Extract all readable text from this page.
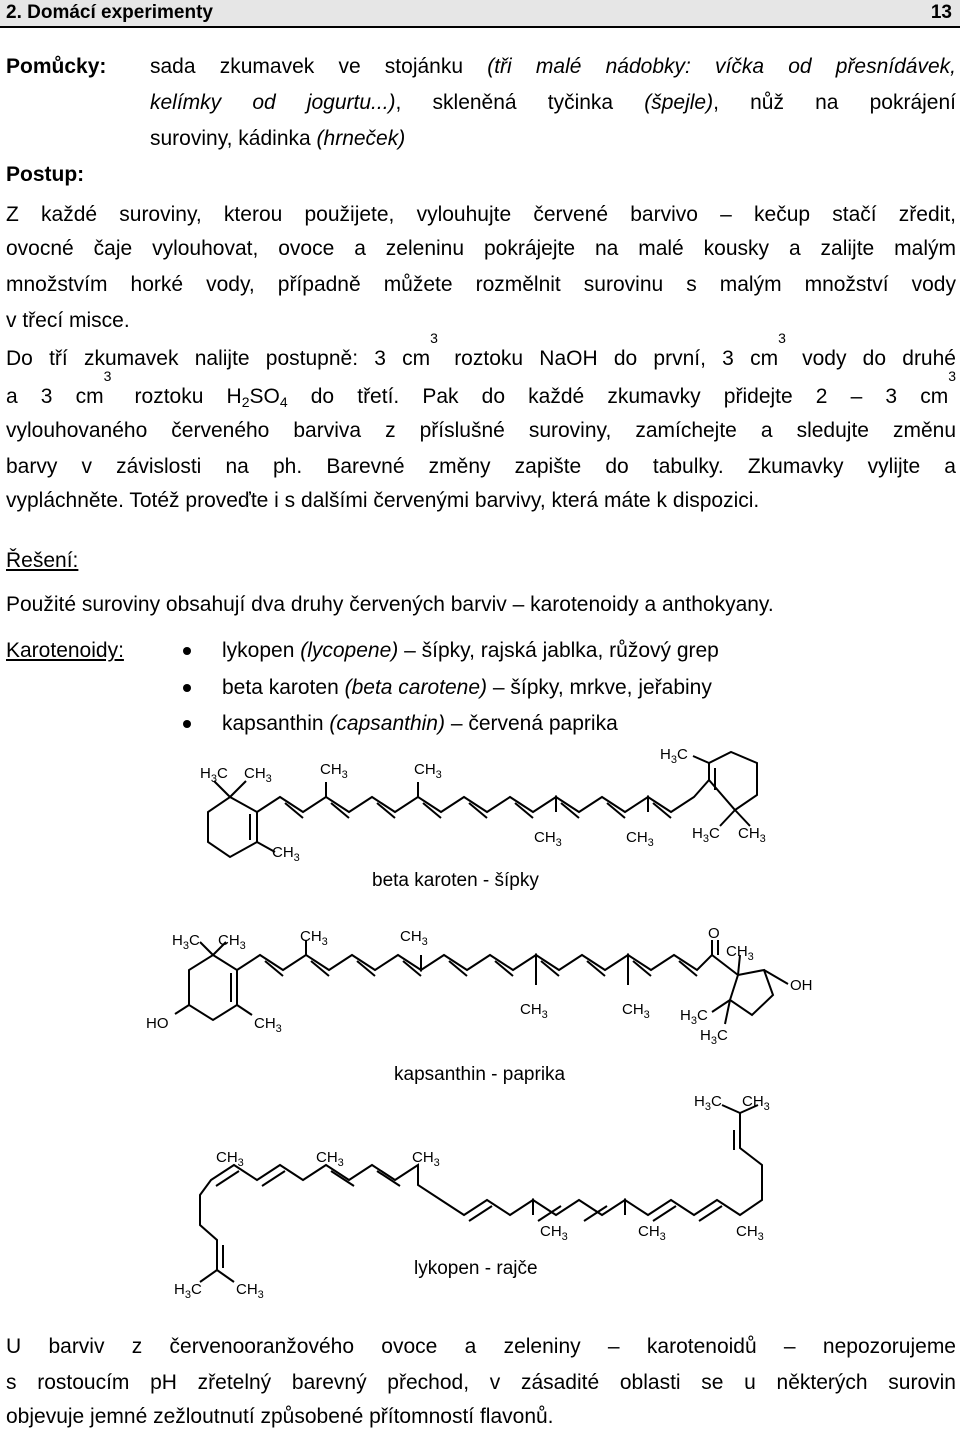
2. Domácí experimenty	13
Pomůcky: sada zkumavek ve stojánku (tři malé nádobky: víčka od přesnídávek,
kelímky od jogurtu...), skleněná tyčinka (špejle), nůž na pokrájení
suroviny, kádinka (hrneček)
Postup:
Z každé suroviny, kterou použijete, vylouhujte červené barvivo – kečup stačí zředit,
ovocné čaje vylouhovat, ovoce a zeleninu pokrájejte na malé kousky a zalijte malým
množstvím horké vody, případně můžete rozmělnit surovinu s malým množství vody
v třecí misce.
Do tří zkumavek nalijte postupně: 3 $cm^3$ roztoku NaOH do první, 3 $cm^3$ vody do druhé
a 3 $cm^3$ roztoku $H_2SO_4$ do třetí. Pak do každé zkumavky přidejte 2 – 3 $cm^3$
vylouhovaného červeného barviva z příslušné suroviny, zamíchejte a sledujte změnu
barvy v závislosti na ph. Barevné změny zapište do tabulky. Zkumavky vylijte a
vypláchněte. Totéž proveďte i s dalšími červenými barvivy, která máte k dispozici.
Řešení:
Použité suroviny obsahují dva druhy červených barviv – karotenoidy a anthokyany.
Karotenoidy:	lykopen (lycopene) – šípky, rajská jablka, růžový grep
beta karoten (beta carotene) – šípky, mrkve, jeřabiny
kapsanthin (capsanthin) – červená paprika
$H_3C$ $CH_3$
$CH_3$	$CH_3$
$H_3C$
$CH_3$
$CH_3$	$CH_3$
$H_3C$ $CH_3$
$H_3C$ $CH_3$
$CH_3$	$CH_3$	O
$CH_3$
OH
HO	$CH_3$
$CH_3$	$CH_3$ $H_3C$
$H_3C$
$H_3C$ $CH_3$
$CH_3$	$CH_3$	$CH_3$
$CH_3$	$CH_3$	$CH_3$
$H_3C$ $CH_3$
beta karoten - šípky
kapsanthin - paprika
lykopen - rajče
U barviv z červenooranžového ovoce a zeleniny – karotenoidů – nepozorujeme
s rostoucím pH zřetelný barevný přechod, v zásadité oblasti se u některých surovin
objevuje jemné zežloutnutí způsobené přítomností flavonů.
